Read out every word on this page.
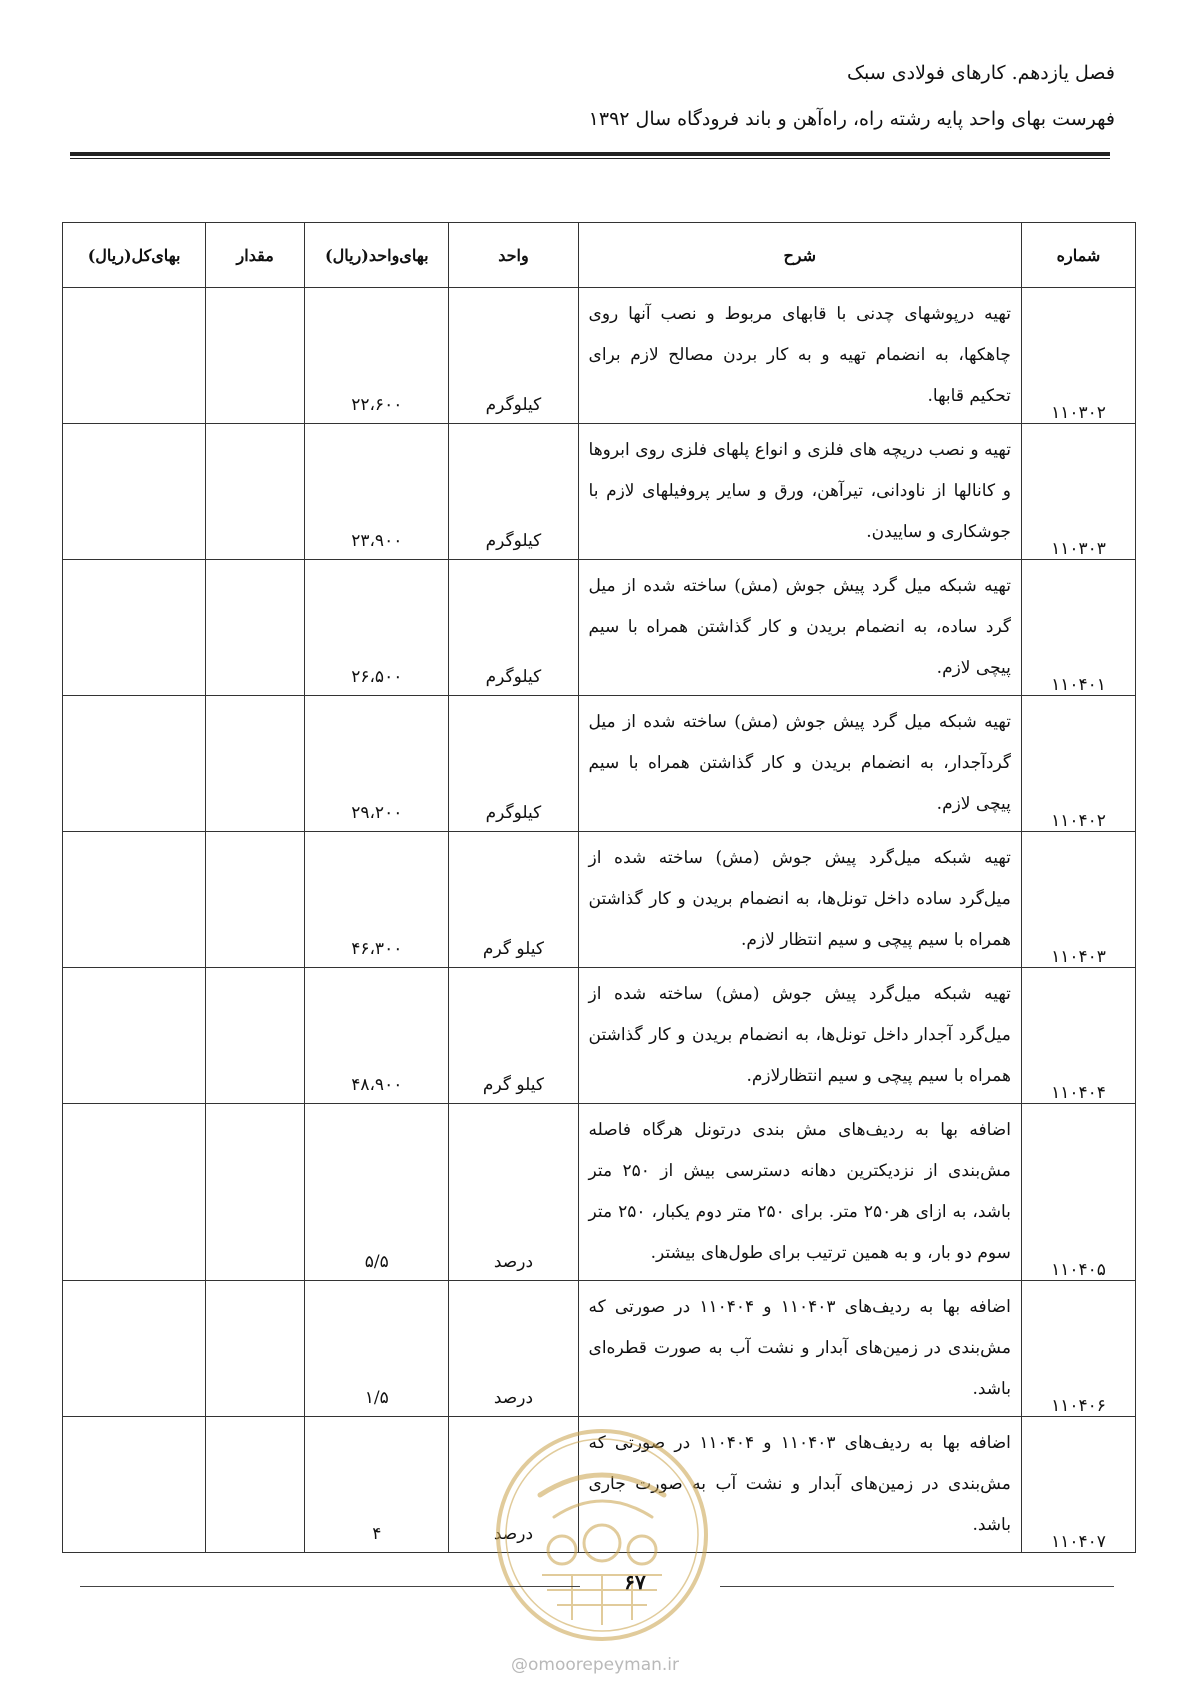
فصل یازدهم. کارهای فولادی سبک
فهرست بهای واحد پایه رشته راه، راه‌آهن و باند فرودگاه سال ۱۳۹۲
شماره	شرح	واحد	بهای‌واحد(ریال)	مقدار	بهای‌کل(ریال)
۱۱۰۳۰۲	تهیه درپوشهای چدنی با قابهای مربوط و نصب آنها روی چاهکها، به انضمام تهیه و به کار بردن مصالح لازم برای تحکیم قابها.	کیلوگرم	۲۲،۶۰۰		
۱۱۰۳۰۳	تهیه و نصب دریچه های فلزی و انواع پلهای فلزی روی ابروها و کانالها از ناودانی، تیرآهن، ورق و سایر پروفیلهای لازم با جوشکاری و ساییدن.	کیلوگرم	۲۳،۹۰۰		
۱۱۰۴۰۱	تهیه شبکه میل گرد پیش جوش (مش) ساخته شده از میل گرد ساده، به انضمام بریدن و کار گذاشتن همراه با سیم پیچی لازم.	کیلوگرم	۲۶،۵۰۰		
۱۱۰۴۰۲	تهیه شبکه میل گرد پیش جوش (مش) ساخته شده از میل گردآجدار، به انضمام بریدن و کار گذاشتن همراه با سیم پیچی لازم.	کیلوگرم	۲۹،۲۰۰		
۱۱۰۴۰۳	تهیه شبکه میل‌گرد پیش جوش (مش) ساخته شده از میل‌گرد ساده داخل تونل‌ها، به انضمام بریدن و کار گذاشتن همراه با سیم پیچی و سیم انتظار لازم.	کیلو گرم	۴۶،۳۰۰		
۱۱۰۴۰۴	تهیه شبکه میل‌گرد پیش جوش (مش) ساخته شده از میل‌گرد آجدار داخل تونل‌ها، به انضمام بریدن و کار گذاشتن همراه با سیم پیچی و سیم انتظارلازم.	کیلو گرم	۴۸،۹۰۰		
۱۱۰۴۰۵	اضافه بها به ردیف‌های مش بندی درتونل هرگاه فاصله مش‌بندی از نزدیکترین دهانه دسترسی بیش از ۲۵۰ متر باشد، به ازای هر۲۵۰ متر. برای ۲۵۰ متر دوم یکبار، ۲۵۰ متر سوم دو بار، و به همین ترتیب برای طول‌های بیشتر.	درصد	۵/۵		
۱۱۰۴۰۶	اضافه بها به ردیف‌های ۱۱۰۴۰۳ و ۱۱۰۴۰۴ در صورتی که مش‌بندی در زمین‌های آبدار و نشت آب به صورت قطره‌ای باشد.	درصد	۱/۵		
۱۱۰۴۰۷	اضافه بها به ردیف‌های ۱۱۰۴۰۳ و ۱۱۰۴۰۴ در صورتی که مش‌بندی در زمین‌های آبدار و نشت آب به صورت جاری باشد.	درصد	۴		
۶۷
@omoorepeyman.ir
